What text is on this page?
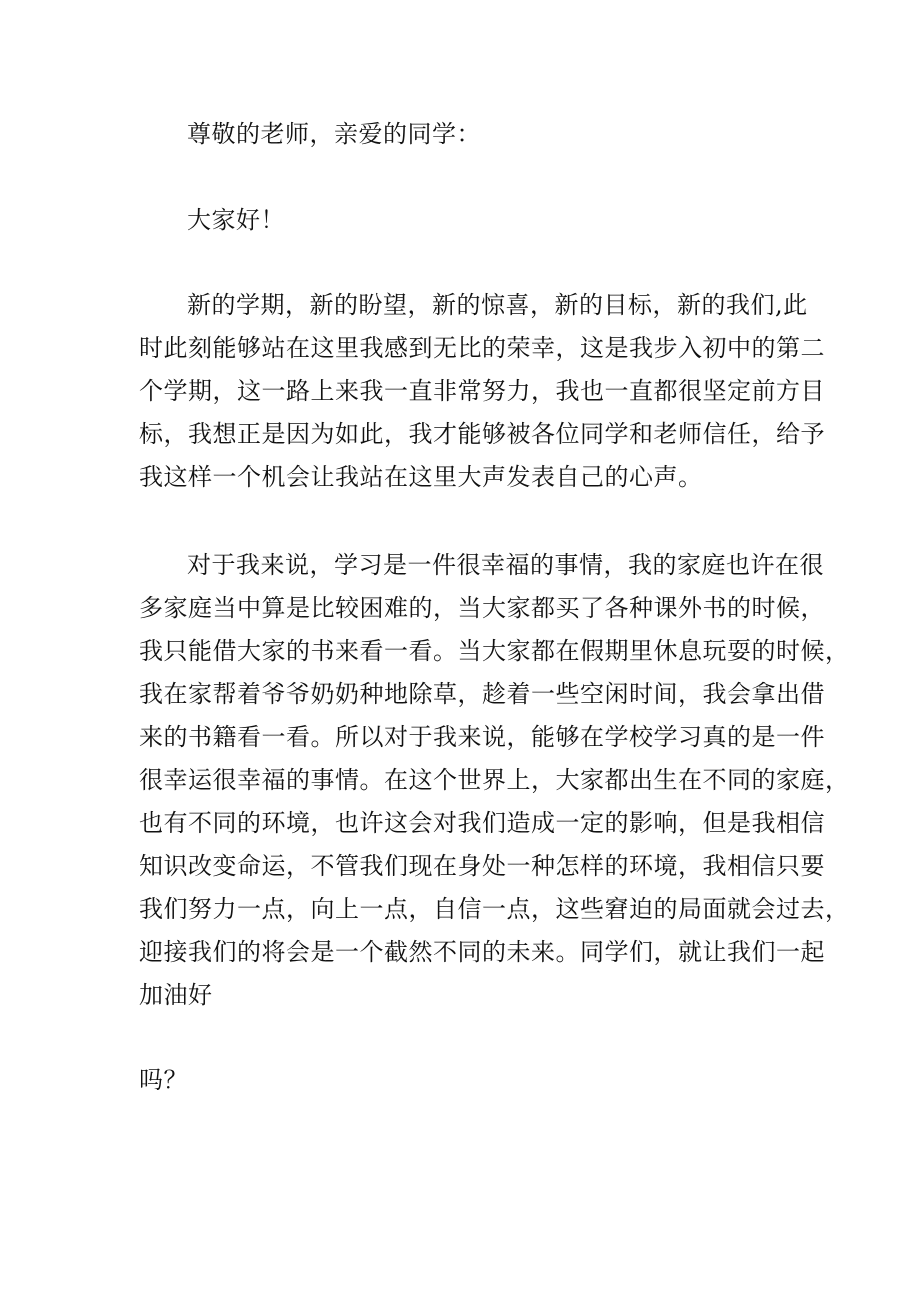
尊敬的老师，亲爱的同学：
大家好！
新的学期，新的盼望，新的惊喜，新的目标，新的我们,此
时此刻能够站在这里我感到无比的荣幸，这是我步入初中的第二
个学期，这一路上来我一直非常努力，我也一直都很坚定前方目
标，我想正是因为如此，我才能够被各位同学和老师信任，给予
我这样一个机会让我站在这里大声发表自己的心声。
对于我来说，学习是一件很幸福的事情，我的家庭也许在很
多家庭当中算是比较困难的，当大家都买了各种课外书的时候，
我只能借大家的书来看一看。当大家都在假期里休息玩耍的时候，
我在家帮着爷爷奶奶种地除草，趁着一些空闲时间，我会拿出借
来的书籍看一看。所以对于我来说，能够在学校学习真的是一件
很幸运很幸福的事情。在这个世界上，大家都出生在不同的家庭，
也有不同的环境，也许这会对我们造成一定的影响，但是我相信
知识改变命运，不管我们现在身处一种怎样的环境，我相信只要
我们努力一点，向上一点，自信一点，这些窘迫的局面就会过去，
迎接我们的将会是一个截然不同的未来。同学们，就让我们一起
加油好
吗？
